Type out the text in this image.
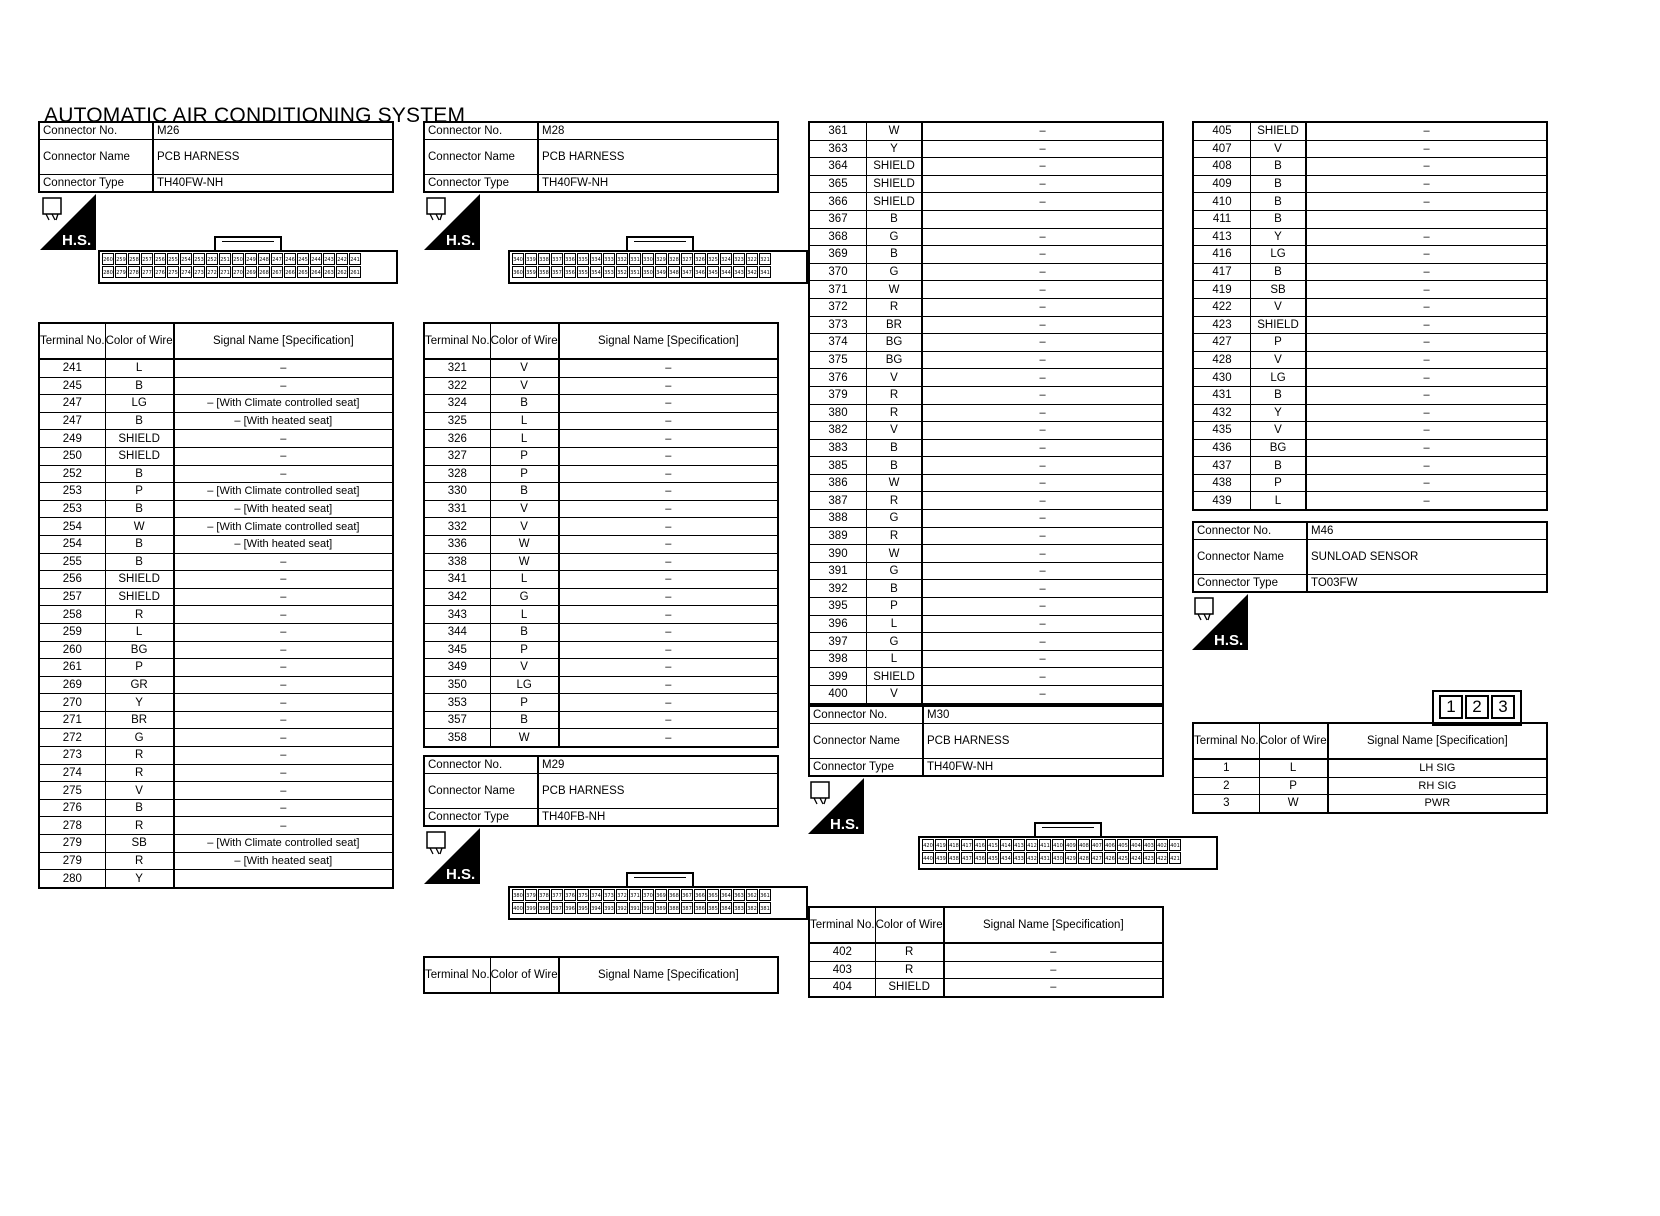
AUTOMATIC AIR CONDITIONING SYSTEM
Connector No.	M26
Connector Name	PCB HARNESS
Connector Type	TH40FW-NH
Connector No.	M28
Connector Name	PCB HARNESS
Connector Type	TH40FW-NH
Connector No.	M29
Connector Name	PCB HARNESS
Connector Type	TH40FB-NH
Connector No.	M30
Connector Name	PCB HARNESS
Connector Type	TH40FW-NH
Connector No.	M46
Connector Name	SUNLOAD SENSOR
Connector Type	TO03FW
H.S.	H.S.
H.S.
H.S.
H.S.
260 259 258 257 256 255 254 253 252 251 250 249 248 247 246 245 244 243 242 241
280 279 278 277 276 275 274 273 272 271 270 269 268 267 266 265 264 263 262 261
340 339 338 337 336 335 334 333 332 331 330 329 328 327 326 325 324 323 322 321
360 359 358 357 356 355 354 353 352 351 350 349 348 347 346 345 344 343 342 341
380 379 378 377 376 375 374 373 372 371 370 369 368 367 366 365 364 363 362 361
400 399 398 397 396 395 394 393 392 391 390 389 388 387 386 385 384 383 382 381
420 419 418 417 416 415 414 413 412 411 410 409 408 407 406 405 404 403 402 401
440 439 438 437 436 435 434 433 432 431 430 429 428 427 426 425 424 423 422 421
1 2 3
Terminal No.	Color of Wire	Signal Name [Specification]
241	L	–
245	B	–
247	LG	– [With Climate controlled seat]
247	B	– [With heated seat]
249	SHIELD	–
250	SHIELD	–
252	B	–
253	P	– [With Climate controlled seat]
253	B	– [With heated seat]
254	W	– [With Climate controlled seat]
254	B	– [With heated seat]
255	B	–
256	SHIELD	–
257	SHIELD	–
258	R	–
259	L	–
260	BG	–
261	P	–
269	GR	–
270	Y	–
271	BR	–
272	G	–
273	R	–
274	R	–
275	V	–
276	B	–
278	R	–
279	SB	– [With Climate controlled seat]
279	R	– [With heated seat]
280	Y	
Terminal No.	Color of Wire	Signal Name [Specification]
321	V	–
322	V	–
324	B	–
325	L	–
326	L	–
327	P	–
328	P	–
330	B	–
331	V	–
332	V	–
336	W	–
338	W	–
341	L	–
342	G	–
343	L	–
344	B	–
345	P	–
349	V	–
350	LG	–
353	P	–
357	B	–
358	W	–
Terminal No.	Color of Wire	Signal Name [Specification]
361	W	–
363	Y	–
364	SHIELD	–
365	SHIELD	–
366	SHIELD	–
367	B	
368	G	–
369	B	–
370	G	–
371	W	–
372	R	–
373	BR	–
374	BG	–
375	BG	–
376	V	–
379	R	–
380	R	–
382	V	–
383	B	–
385	B	–
386	W	–
387	R	–
388	G	–
389	R	–
390	W	–
391	G	–
392	B	–
395	P	–
396	L	–
397	G	–
398	L	–
399	SHIELD	–
400	V	–
Terminal No.	Color of Wire	Signal Name [Specification]
402	R	–
403	R	–
404	SHIELD	–
405	SHIELD	–
407	V	–
408	B	–
409	B	–
410	B	–
411	B	
413	Y	–
416	LG	–
417	B	–
419	SB	–
422	V	–
423	SHIELD	–
427	P	–
428	V	–
430	LG	–
431	B	–
432	Y	–
435	V	–
436	BG	–
437	B	–
438	P	–
439	L	–
Terminal No.	Color of Wire	Signal Name [Specification]
1	L	LH SIG
2	P	RH SIG
3	W	PWR
